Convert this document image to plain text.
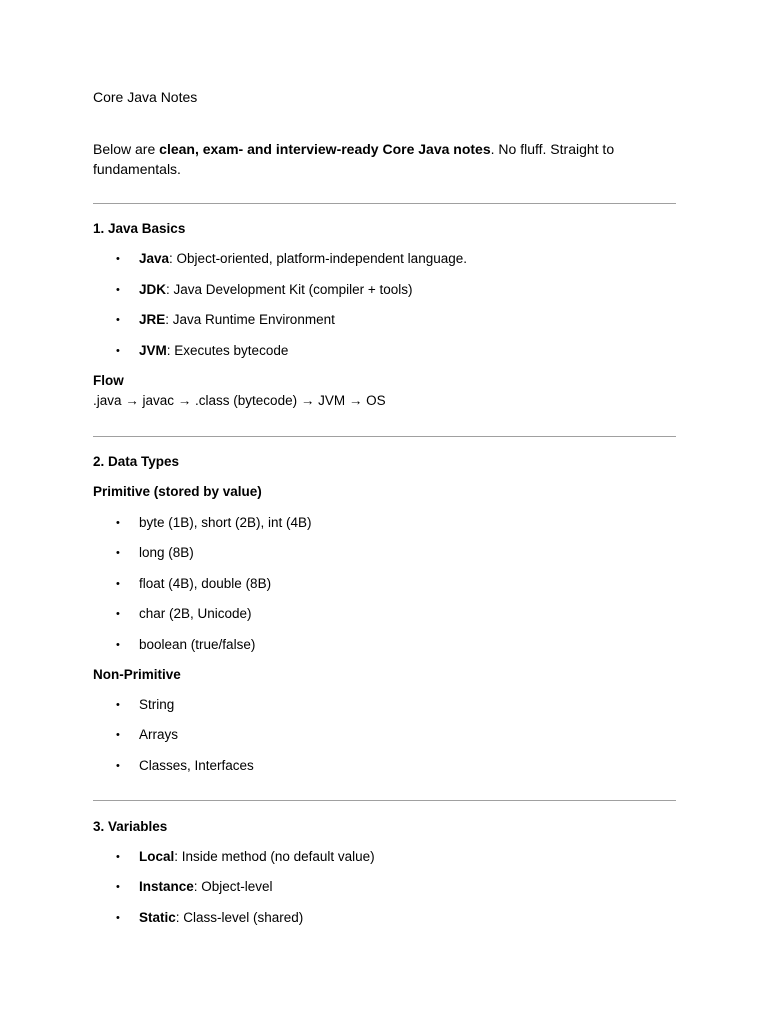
Core Java Notes
Below are clean, exam- and interview-ready Core Java notes. No fluff. Straight to fundamentals.
1. Java Basics
• Java: Object-oriented, platform-independent language.
• JDK: Java Development Kit (compiler + tools)
• JRE: Java Runtime Environment
• JVM: Executes bytecode
Flow
.java → javac → .class (bytecode) → JVM → OS
2. Data Types
Primitive (stored by value)
• byte (1B), short (2B), int (4B)
• long (8B)
• float (4B), double (8B)
• char (2B, Unicode)
• boolean (true/false)
Non-Primitive
• String
• Arrays
• Classes, Interfaces
3. Variables
• Local: Inside method (no default value)
• Instance: Object-level
• Static: Class-level (shared)
